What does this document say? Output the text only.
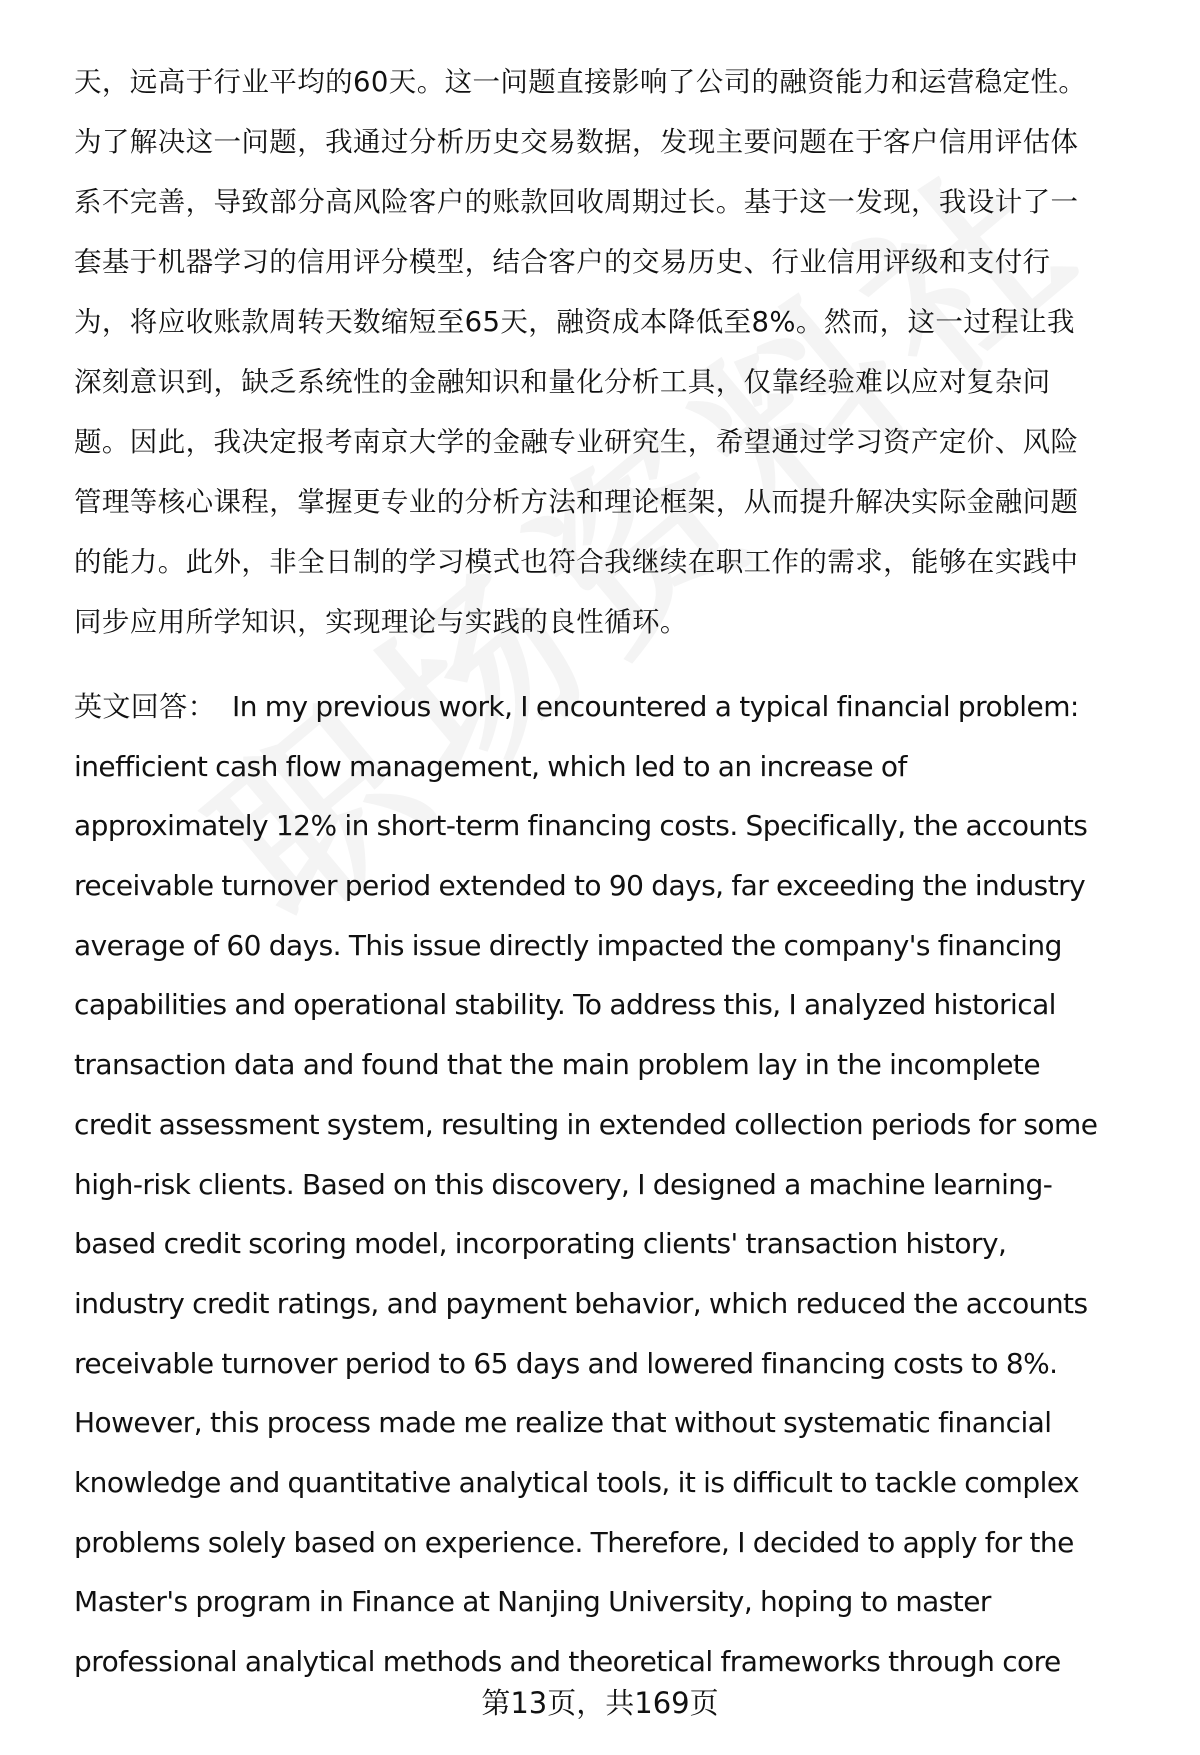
天，远高于行业平均的60天。这一问题直接影响了公司的融资能力和运营稳定性。
为了解决这一问题，我通过分析历史交易数据，发现主要问题在于客户信用评估体
系不完善，导致部分高风险客户的账款回收周期过长。基于这一发现，我设计了一
套基于机器学习的信用评分模型，结合客户的交易历史、行业信用评级和支付行
为，将应收账款周转天数缩短至65天，融资成本降低至8%。然而，这一过程让我
深刻意识到，缺乏系统性的金融知识和量化分析工具，仅靠经验难以应对复杂问
题。因此，我决定报考南京大学的金融专业研究生，希望通过学习资产定价、风险
管理等核心课程，掌握更专业的分析方法和理论框架，从而提升解决实际金融问题
的能力。此外，非全日制的学习模式也符合我继续在职工作的需求，能够在实践中
同步应用所学知识，实现理论与实践的良性循环。
英文回答： In my previous work, I encountered a typical financial problem:
inefficient cash flow management, which led to an increase of
approximately 12% in short-term financing costs. Specifically, the accounts
receivable turnover period extended to 90 days, far exceeding the industry
average of 60 days. This issue directly impacted the company's financing
capabilities and operational stability. To address this, I analyzed historical
transaction data and found that the main problem lay in the incomplete
credit assessment system, resulting in extended collection periods for some
high-risk clients. Based on this discovery, I designed a machine learning-
based credit scoring model, incorporating clients' transaction history,
industry credit ratings, and payment behavior, which reduced the accounts
receivable turnover period to 65 days and lowered financing costs to 8%.
However, this process made me realize that without systematic financial
knowledge and quantitative analytical tools, it is difficult to tackle complex
problems solely based on experience. Therefore, I decided to apply for the
Master's program in Finance at Nanjing University, hoping to master
professional analytical methods and theoretical frameworks through core
第13页，共169页
